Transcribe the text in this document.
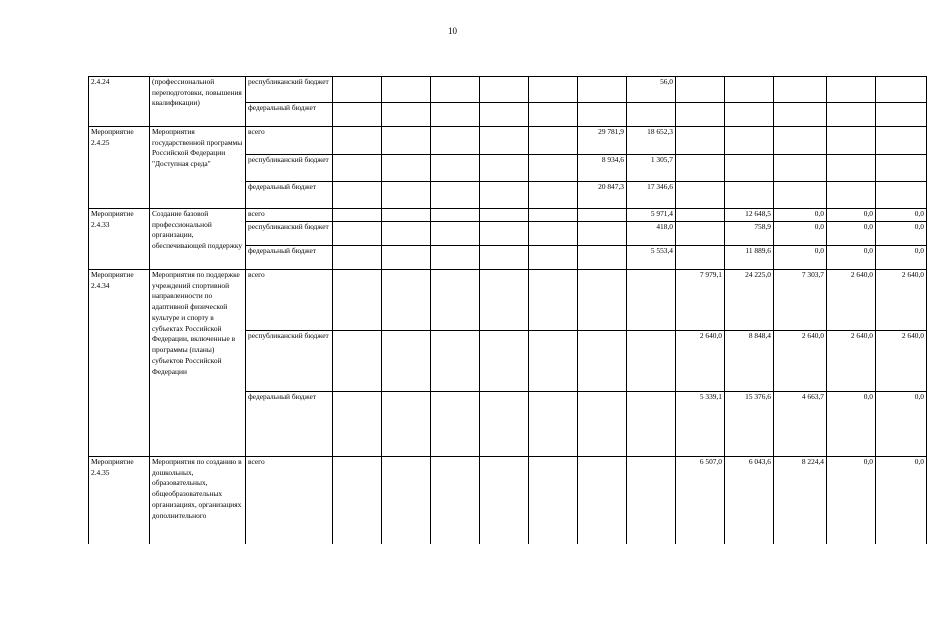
10
2.4.24	(профессиональной переподготовки, повышения квалификации)	республиканский бюджет							56,0					
		федеральный бюджет												
Мероприятие 2.4.25	Мероприятия государственной программы Российской Федерации "Доступная среда"	всего						29 781,9	18 652,3					
		республиканский бюджет						8 934,6	1 305,7					
		федеральный бюджет						20 847,3	17 346,6					
Мероприятие 2.4.33	Создание базовой профессиональной организации, обеспечивающей поддержку	всего							5 971,4		12 648,5	0,0	0,0	0,0
		республиканский бюджет							418,0		758,9	0,0	0,0	0,0
		федеральный бюджет							5 553,4		11 889,6	0,0	0,0	0,0
Мероприятие 2.4.34	Мероприятия по поддержке учреждений спортивной направленности по адаптивной физической культуре и спорту в субъектах Российской Федерации, включенные в программы (планы) субъектов Российской Федерации	всего								7 979,1	24 225,0	7 303,7	2 640,0	2 640,0
		республиканский бюджет								2 640,0	8 848,4	2 640,0	2 640,0	2 640,0
		федеральный бюджет								5 339,1	15 376,6	4 663,7	0,0	0,0
Мероприятие 2.4.35	Мероприятия по созданию в дошкольных, образовательных, общеобразовательных организациях, организациях дополнительного	всего								6 507,0	6 043,6	8 224,4	0,0	0,0
